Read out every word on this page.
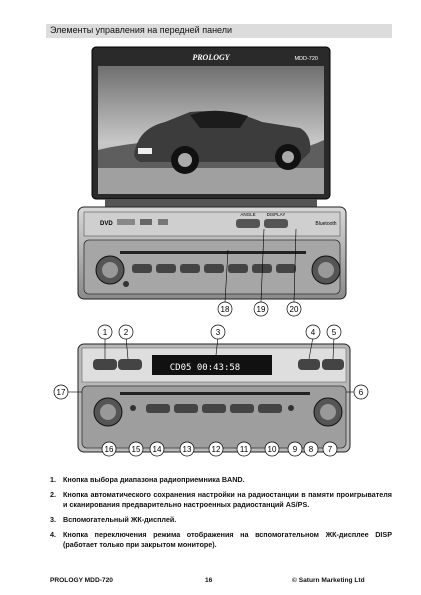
Элементы управления на передней панели
PROLOGY	MDD-720
DVD
ANGLE DISPLAY
Bluetooth
18	19	20
CD05 00:43:58
1 2	3	4 5
6
7
8
9
10
11
12
13
14
15
16
17
1. Кнопка выбора диапазона радиоприемника BAND.
2. Кнопка автоматического сохранения настройки на радиостанции в памяти проигрывателя и сканирования предварительно настроенных радиостанций AS/PS.
3. Вспомогательный ЖК-дисплей.
4. Кнопка переключения режима отображения на вспомогательном ЖК-дисплее DISP (работает только при закрытом мониторе).
PROLOGY MDD-720	16	© Saturn Marketing Ltd
